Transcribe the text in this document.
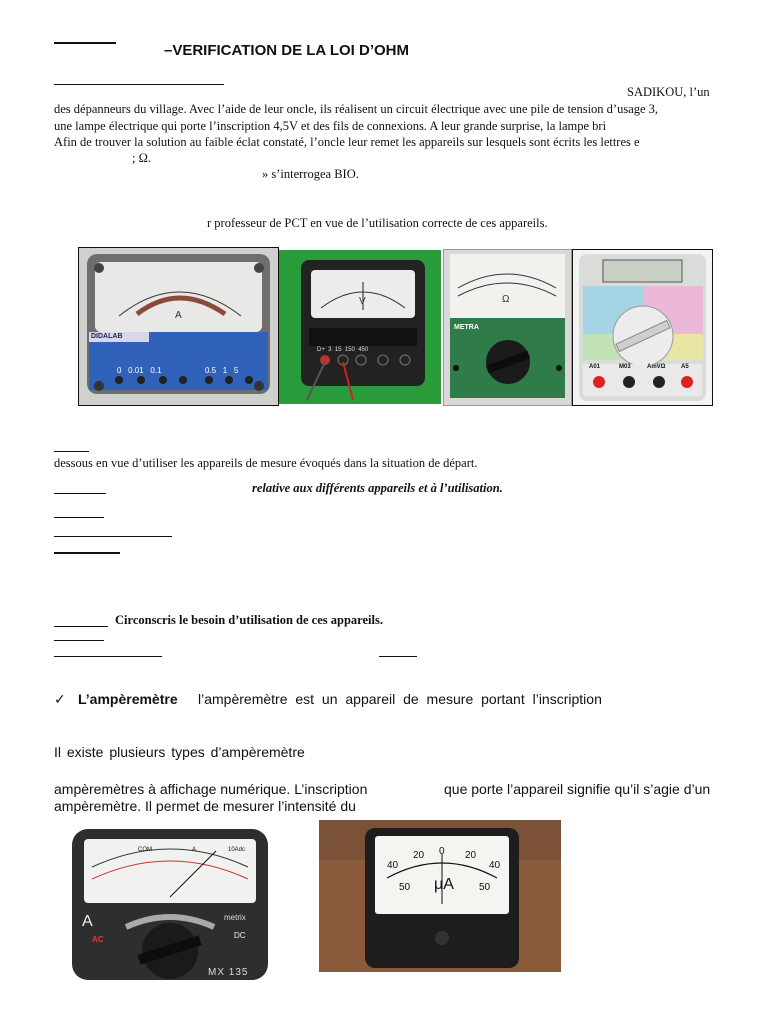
–VERIFICATION DE LA LOI D’OHM
SADIKOU, l’un
des dépanneurs du village. Avec l’aide de leur oncle, ils réalisent un circuit électrique avec une pile de tension d’usage 3,
une lampe électrique qui porte l’inscription 4,5V et des fils de connexions. A leur grande surprise, la lampe bri
Afin de trouver la solution au faible éclat constaté, l’oncle leur remet les appareils sur lesquels sont écrits les lettres e
; Ω.
» s’interrogea BIO.
r professeur de PCT en vue de l’utilisation correcte de ces appareils.
A
DIDALAB
0   0.01   0.1	0.5   1   5
V
D+  3  15  150  450
Ω
METRA
A01	M03	AmVΩ	A5
dessous en vue d’utiliser les appareils de mesure évoqués dans la situation de départ.
relative aux différents appareils et à l’utilisation.
Circonscris le besoin d’utilisation de ces appareils.
✓ L’ampèremètre l’ampèremètre est un appareil de mesure portant l’inscription
Il existe plusieurs types d’ampèremètre
ampèremètres à affichage numérique. L’inscription	que porte l’appareil signifie qu’il s’agie d’un
ampèremètre. Il permet de mesurer l’intensité du
A
AC	DC
metrix
MX 135
COM	A	10Adc
40
20 0 20
40
50	50
μA
